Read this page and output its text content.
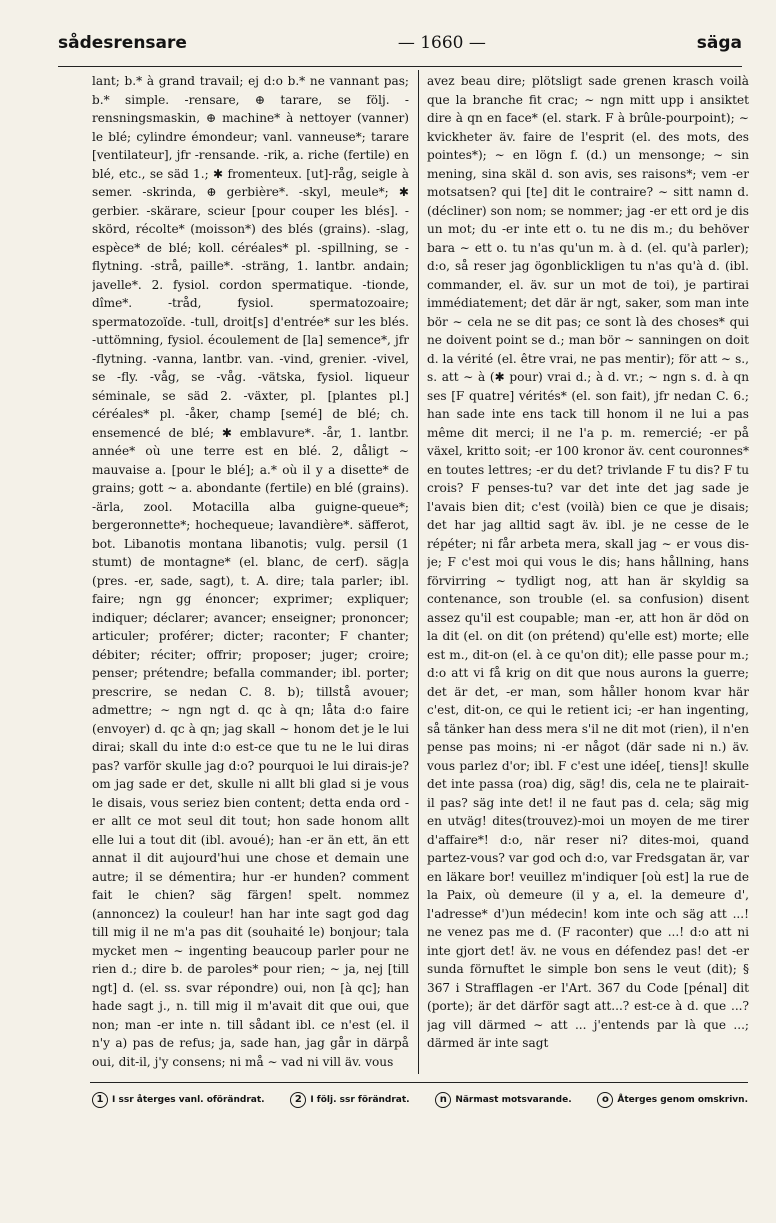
sådesrensare	— 1660 —	säga
lant; b.* à grand travail; ej d:o b.* ne vannant pas; b.* simple. -rensare, ⊕ tarare, se följ. -rensningsmaskin, ⊕ machine* à nettoyer (vanner) le blé; cylindre émondeur; vanl. vanneuse*; tarare [ventilateur], jfr -rensande. -rik, a. riche (fertile) en blé, etc., se säd 1.; ✱ fromenteux. [ut]-råg, seigle à semer. -skrinda, ⊕ gerbière*. -skyl, meule*; ✱ gerbier. -skärare, scieur [pour couper les blés]. -skörd, récolte* (moisson*) des blés (grains). -slag, espèce* de blé; koll. céréales* pl. -spillning, se -flytning. -strå, paille*. -sträng, 1. lantbr. andain; javelle*. 2. fysiol. cordon spermatique. -tionde, dîme*. -tråd, fysiol. spermatozoaire; spermatozoïde. -tull, droit[s] d'entrée* sur les blés. -uttömning, fysiol. écoulement de [la] semence*, jfr -flytning. -vanna, lantbr. van. -vind, grenier. -vivel, se -fly. -våg, se -våg. -vätska, fysiol. liqueur séminale, se säd 2. -växter, pl. [plantes pl.] céréales* pl. -åker, champ [semé] de blé; ch. ensemencé de blé; ✱ emblavure*. -år, 1. lantbr. année* où une terre est en blé. 2, dåligt ∼ mauvaise a. [pour le blé]; a.* où il y a disette* de grains; gott ∼ a. abondante (fertile) en blé (grains). -ärla, zool. Motacilla alba guigne-queue*; bergeronnette*; hochequeue; lavandière*. säfferot, bot. Libanotis montana libanotis; vulg. persil (1 stumt) de montagne* (el. blanc, de cerf). säg|a (pres. -er, sade, sagt), t. A. dire; tala parler; ibl. faire; ngn gg énoncer; exprimer; expliquer; indiquer; déclarer; avancer; enseigner; prononcer; articuler; proférer; dicter; raconter; F chanter; débiter; réciter; offrir; proposer; juger; croire; penser; prétendre; befalla commander; ibl. porter; prescrire, se nedan C. 8. b); tillstå avouer; admettre; ∼ ngn ngt d. qc à qn; låta d:o faire (envoyer) d. qc à qn; jag skall ∼ honom det je le lui dirai; skall du inte d:o est-ce que tu ne le lui diras pas? varför skulle jag d:o? pourquoi le lui dirais-je? om jag sade er det, skulle ni allt bli glad si je vous le disais, vous seriez bien content; detta enda ord -er allt ce mot seul dit tout; hon sade honom allt elle lui a tout dit (ibl. avoué); han -er än ett, än ett annat il dit aujourd'hui une chose et demain une autre; il se démentira; hur -er hunden? comment fait le chien? säg färgen! spelt. nommez (annoncez) la couleur! han har inte sagt god dag till mig il ne m'a pas dit (souhaité le) bonjour; tala mycket men ∼ ingenting beaucoup parler pour ne rien d.; dire b. de paroles* pour rien; ∼ ja, nej [till ngt] d. (el. ss. svar répondre) oui, non [à qc]; han hade sagt j., n. till mig il m'avait dit que oui, que non; man -er inte n. till sådant ibl. ce n'est (el. il n'y a) pas de refus; ja, sade han, jag går in därpå oui, dit-il, j'y consens; ni må ∼ vad ni vill äv. vous
avez beau dire; plötsligt sade grenen krasch voilà que la branche fit crac; ∼ ngn mitt upp i ansiktet dire à qn en face* (el. stark. F à brûle-pourpoint); ∼ kvickheter äv. faire de l'esprit (el. des mots, des pointes*); ∼ en lögn f. (d.) un mensonge; ∼ sin mening, sina skäl d. son avis, ses raisons*; vem -er motsatsen? qui [te] dit le contraire? ∼ sitt namn d. (décliner) son nom; se nommer; jag -er ett ord je dis un mot; du -er inte ett o. tu ne dis m.; du behöver bara ∼ ett o. tu n'as qu'un m. à d. (el. qu'à parler); d:o, så reser jag ögonblickligen tu n'as qu'à d. (ibl. commander, el. äv. sur un mot de toi), je partirai immédiatement; det där är ngt, saker, som man inte bör ∼ cela ne se dit pas; ce sont là des choses* qui ne doivent point se d.; man bör ∼ sanningen on doit d. la vérité (el. être vrai, ne pas mentir); för att ∼ s., s. att ∼ à (✱ pour) vrai d.; à d. vr.; ∼ ngn s. d. à qn ses [F quatre] vérités* (el. son fait), jfr nedan C. 6.; han sade inte ens tack till honom il ne lui a pas même dit merci; il ne l'a p. m. remercié; -er på växel, kritto soit; -er 100 kronor äv. cent couronnes* en toutes lettres; -er du det? trivlande F tu dis? F tu crois? F penses-tu? var det inte det jag sade je l'avais bien dit; c'est (voilà) bien ce que je disais; det har jag alltid sagt äv. ibl. je ne cesse de le répéter; ni får arbeta mera, skall jag ∼ er vous dis-je; F c'est moi qui vous le dis; hans hållning, hans förvirring ∼ tydligt nog, att han är skyldig sa contenance, son trouble (el. sa confusion) disent assez qu'il est coupable; man -er, att hon är död on la dit (el. on dit (on prétend) qu'elle est) morte; elle est m., dit-on (el. à ce qu'on dit); elle passe pour m.; d:o att vi få krig on dit que nous aurons la guerre; det är det, -er man, som håller honom kvar här c'est, dit-on, ce qui le retient ici; -er han ingenting, så tänker han dess mera s'il ne dit mot (rien), il n'en pense pas moins; ni -er något (där sade ni n.) äv. vous parlez d'or; ibl. F c'est une idée[, tiens]! skulle det inte passa (roa) dig, säg! dis, cela ne te plairait-il pas? säg inte det! il ne faut pas d. cela; säg mig en utväg! dites(trouvez)-moi un moyen de me tirer d'affaire*! d:o, när reser ni? dites-moi, quand partez-vous? var god och d:o, var Fredsgatan är, var en läkare bor! veuillez m'indiquer [où est] la rue de la Paix, où demeure (il y a, el. la demeure d', l'adresse* d')un médecin! kom inte och säg att ...! ne venez pas me d. (F raconter) que ...! d:o att ni inte gjort det! äv. ne vous en défendez pas! det -er sunda förnuftet le simple bon sens le veut (dit); § 367 i Strafflagen -er l'Art. 367 du Code [pénal] dit (porte); är det därför sagt att...? est-ce à d. que ...? jag vill därmed ∼ att ... j'entends par là que ...; därmed är inte sagt
1 I ssr återges vanl. oförändrat.	2 I följ. ssr förändrat.	n Närmast motsvarande.	o Återges genom omskrivn.
